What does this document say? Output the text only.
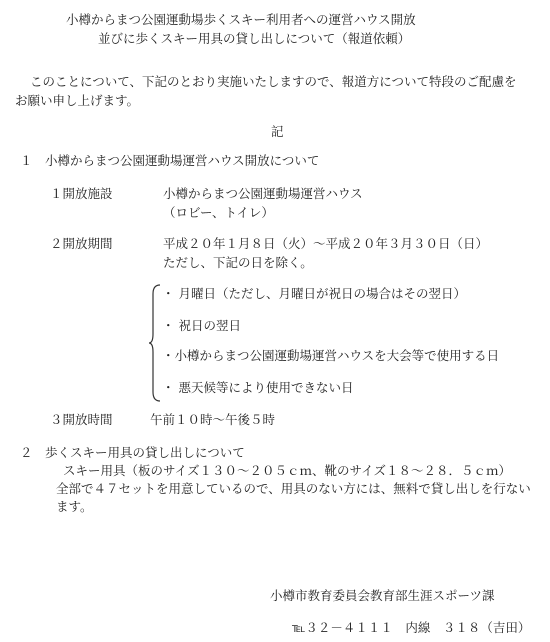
小樽からまつ公園運動場歩くスキー利用者への運営ハウス開放
並びに歩くスキー用具の貸し出しについて（報道依頼）
このことについて、下記のとおり実施いたしますので、報道方について特段のご配慮を
お願い申し上げます。
記
１　小樽からまつ公園運動場運営ハウス開放について
１開放施設	小樽からまつ公園運動場運営ハウス
（ロビー、トイレ）
２開放期間	平成２０年１月８日（火）～平成２０年３月３０日（日）
ただし、下記の日を除く。
・ 月曜日（ただし、月曜日が祝日の場合はその翌日）
・ 祝日の翌日
・小樽からまつ公園運動場運営ハウスを大会等で使用する日
・ 悪天候等により使用できない日
３開放時間	午前１０時～午後５時
２　歩くスキー用具の貸し出しについて
スキー用具（板のサイズ１３０～２０５ｃｍ、靴のサイズ１８～２８．５ｃｍ）
全部で４７セットを用意しているので、用具のない方には、無料で貸し出しを行ない
ます。
小樽市教育委員会教育部生涯スポーツ課
℡３２－４１１１　内線　３１８（吉田）
